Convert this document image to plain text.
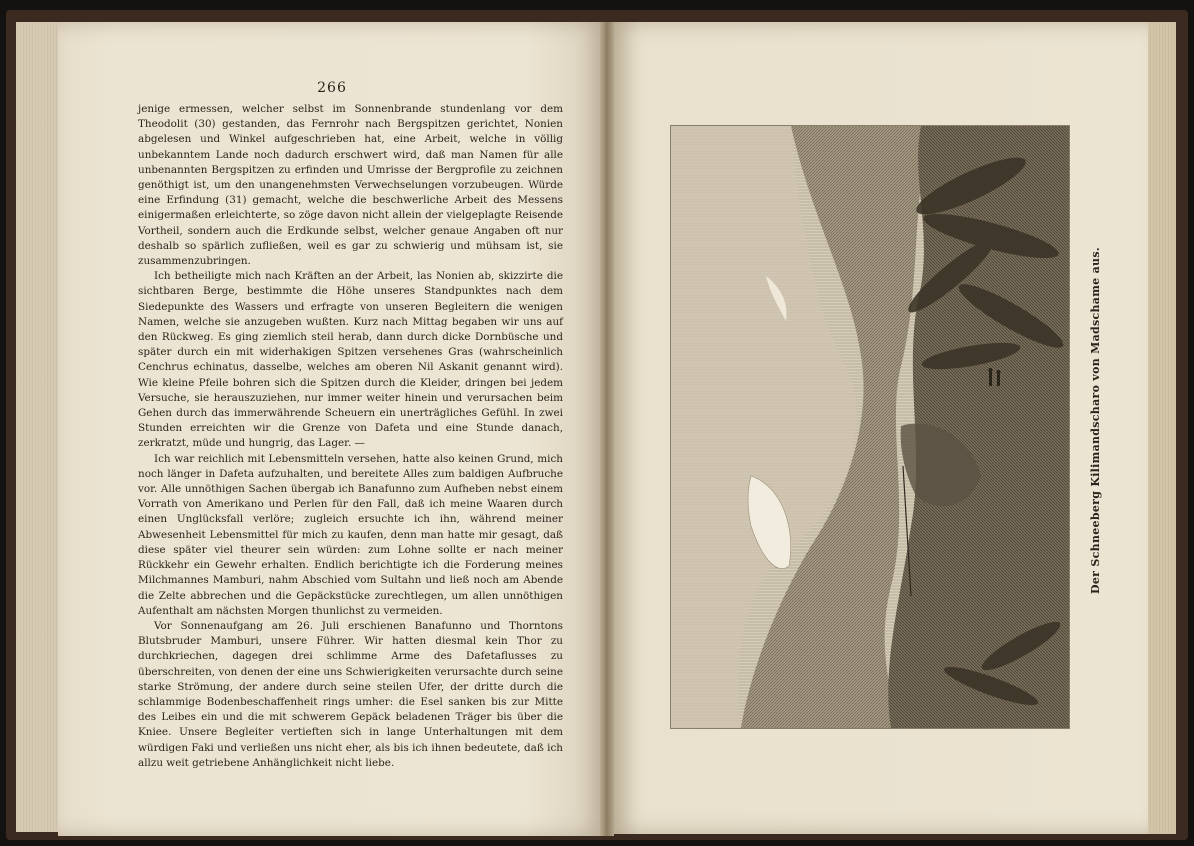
266

jenige ermessen, welcher selbst im Sonnenbrande stundenlang vor dem Theodolit (30) gestanden, das Fernrohr nach Bergspitzen gerichtet, Nonien abgelesen und Winkel aufgeschrieben hat, eine Arbeit, welche in völlig unbekanntem Lande noch dadurch erschwert wird, daß man Namen für alle unbenannten Bergspitzen zu erfinden und Umrisse der Bergprofile zu zeichnen genöthigt ist, um den unangenehmsten Verwechselungen vorzubeugen. Würde eine Erfindung (31) gemacht, welche die beschwerliche Arbeit des Messens einigermaßen erleichterte, so zöge davon nicht allein der vielgeplagte Reisende Vortheil, sondern auch die Erdkunde selbst, welcher genaue Angaben oft nur deshalb so spärlich zufließen, weil es gar zu schwierig und mühsam ist, sie zusammenzubringen.

Ich betheiligte mich nach Kräften an der Arbeit, las Nonien ab, skizzirte die sichtbaren Berge, bestimmte die Höhe unseres Standpunktes nach dem Siedepunkte des Wassers und erfragte von unseren Begleitern die wenigen Namen, welche sie anzugeben wußten. Kurz nach Mittag begaben wir uns auf den Rückweg. Es ging ziemlich steil herab, dann durch dicke Dornbüsche und später durch ein mit widerhakigen Spitzen versehenes Gras (wahrscheinlich Cenchrus echinatus, dasselbe, welches am oberen Nil Askanit genannt wird). Wie kleine Pfeile bohren sich die Spitzen durch die Kleider, dringen bei jedem Versuche, sie herauszuziehen, nur immer weiter hinein und verursachen beim Gehen durch das immerwährende Scheuern ein unerträgliches Gefühl. In zwei Stunden erreichten wir die Grenze von Dafeta und eine Stunde danach, zerkratzt, müde und hungrig, das Lager. —

Ich war reichlich mit Lebensmitteln versehen, hatte also keinen Grund, mich noch länger in Dafeta aufzuhalten, und bereitete Alles zum baldigen Aufbruche vor. Alle unnöthigen Sachen übergab ich Banafunno zum Aufheben nebst einem Vorrath von Amerikano und Perlen für den Fall, daß ich meine Waaren durch einen Unglücksfall verlöre; zugleich ersuchte ich ihn, während meiner Abwesenheit Lebensmittel für mich zu kaufen, denn man hatte mir gesagt, daß diese später viel theurer sein würden: zum Lohne sollte er nach meiner Rückkehr ein Gewehr erhalten. Endlich berichtigte ich die Forderung meines Milchmannes Mamburi, nahm Abschied vom Sultahn und ließ noch am Abende die Zelte abbrechen und die Gepäckstücke zurechtlegen, um allen unnöthigen Aufenthalt am nächsten Morgen thunlichst zu vermeiden.

Vor Sonnenaufgang am 26. Juli erschienen Banafunno und Thorntons Blutsbruder Mamburi, unsere Führer. Wir hatten diesmal kein Thor zu durchkriechen, dagegen drei schlimme Arme des Dafetaflusses zu überschreiten, von denen der eine uns Schwierigkeiten verursachte durch seine starke Strömung, der andere durch seine steilen Ufer, der dritte durch die schlammige Bodenbeschaffenheit rings umher: die Esel sanken bis zur Mitte des Leibes ein und die mit schwerem Gepäck beladenen Träger bis über die Kniee. Unsere Begleiter vertieften sich in lange Unterhaltungen mit dem würdigen Faki und verließen uns nicht eher, als bis ich ihnen bedeutete, daß ich allzu weit getriebene Anhänglichkeit nicht liebe.

Der Schneeberg Kilimandscharo von Madschame aus.
